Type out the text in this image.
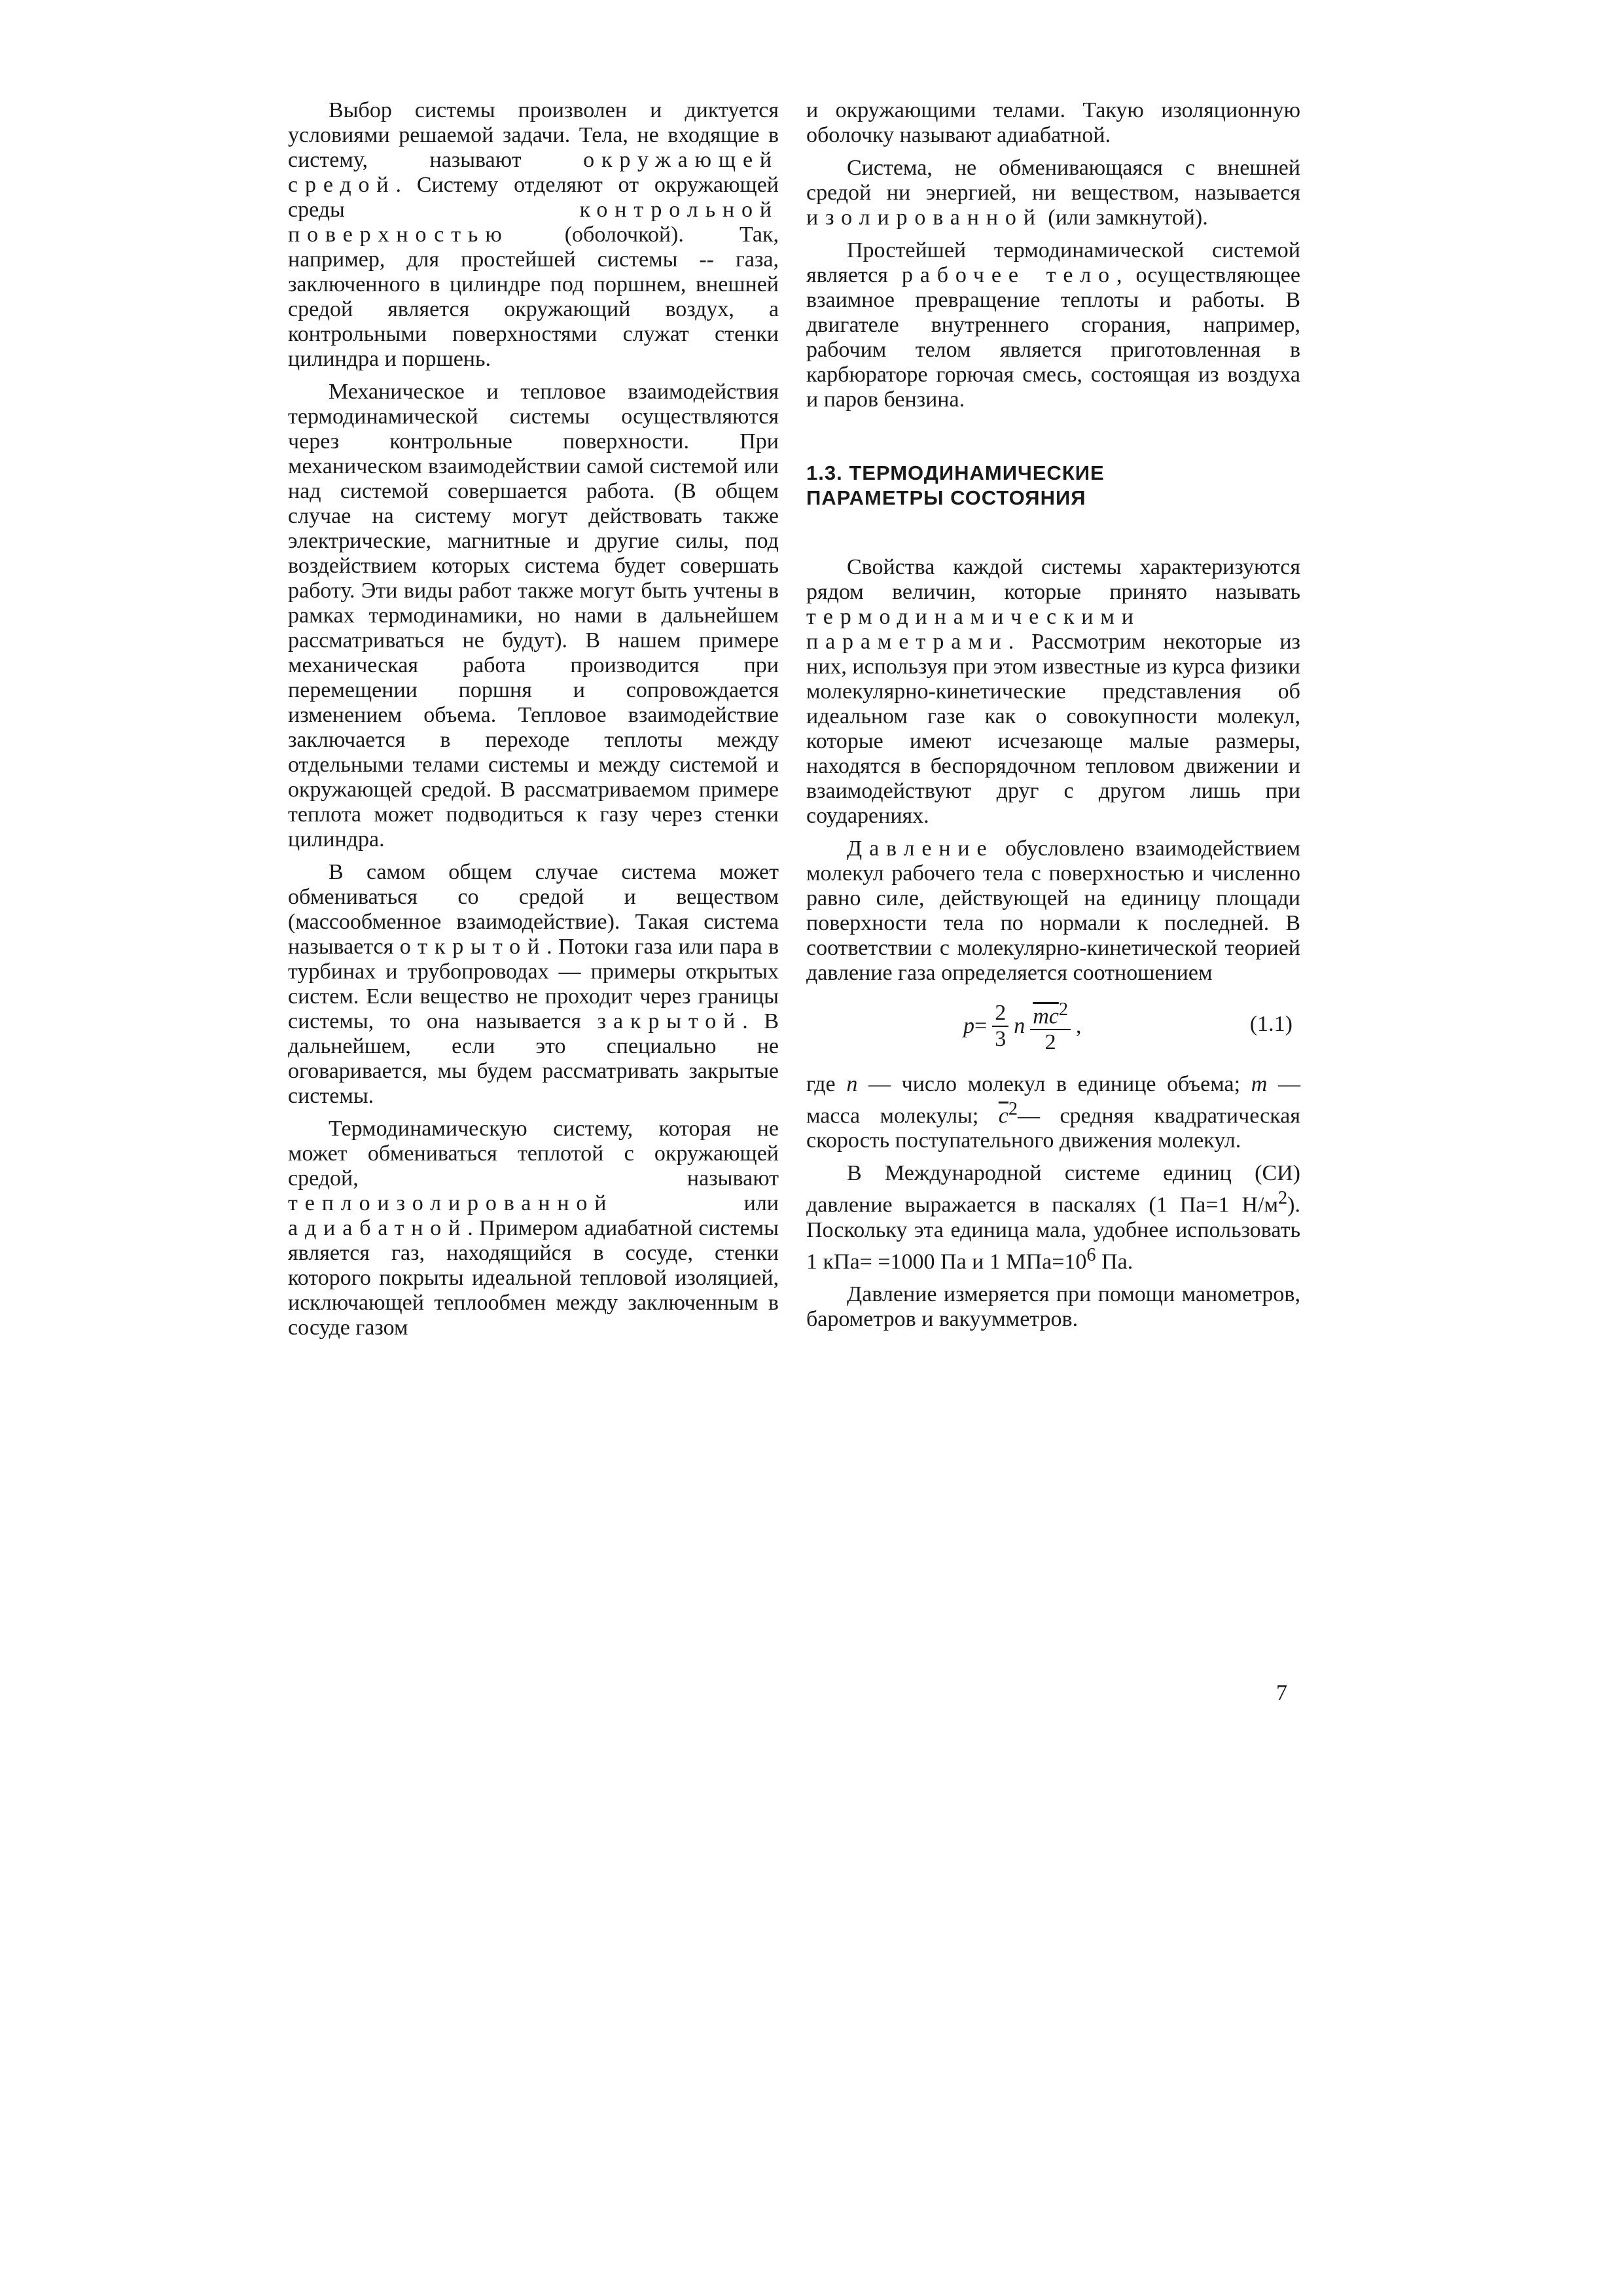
Выбор системы произволен и диктуется условиями решаемой задачи. Тела, не входящие в систему, называют окружающей средой. Систему отделяют от окружающей среды контрольной поверхностью (оболочкой). Так, например, для простейшей системы -- газа, заключенного в цилиндре под поршнем, внешней средой является окружающий воздух, а контрольными поверхностями служат стенки цилиндра и поршень.

Механическое и тепловое взаимодействия термодинамической системы осуществляются через контрольные поверхности. При механическом взаимодействии самой системой или над системой совершается работа. (В общем случае на систему могут действовать также электрические, магнитные и другие силы, под воздействием которых система будет совершать работу. Эти виды работ также могут быть учтены в рамках термодинамики, но нами в дальнейшем рассматриваться не будут). В нашем примере механическая работа производится при перемещении поршня и сопровождается изменением объема. Тепловое взаимодействие заключается в переходе теплоты между отдельными телами системы и между системой и окружающей средой. В рассматриваемом примере теплота может подводиться к газу через стенки цилиндра.

В самом общем случае система может обмениваться со средой и веществом (массообменное взаимодействие). Такая система называется открытой. Потоки газа или пара в турбинах и трубопроводах — примеры открытых систем. Если вещество не проходит через границы системы, то она называется закрытой. В дальнейшем, если это специально не оговаривается, мы будем рассматривать закрытые системы.

Термодинамическую систему, которая не может обмениваться теплотой с окружающей средой, называют теплоизолированной или адиабатной. Примером адиабатной системы является газ, находящийся в сосуде, стенки которого покрыты идеальной тепловой изоляцией, исключающей теплообмен между заключенным в сосуде газом

и окружающими телами. Такую изоляционную оболочку называют адиабатной.

Система, не обменивающаяся с внешней средой ни энергией, ни веществом, называется изолированной (или замкнутой).

Простейшей термодинамической системой является рабочее тело, осуществляющее взаимное превращение теплоты и работы. В двигателе внутреннего сгорания, например, рабочим телом является приготовленная в карбюраторе горючая смесь, состоящая из воздуха и паров бензина.

1.3. ТЕРМОДИНАМИЧЕСКИЕ
ПАРАМЕТРЫ СОСТОЯНИЯ

Свойства каждой системы характеризуются рядом величин, которые принято называть термодинамическими параметрами. Рассмотрим некоторые из них, используя при этом известные из курса физики молекулярно-кинетические представления об идеальном газе как о совокупности молекул, которые имеют исчезающе малые размеры, находятся в беспорядочном тепловом движении и взаимодействуют друг с другом лишь при соударениях.

Давление обусловлено взаимодействием молекул рабочего тела с поверхностью и численно равно силе, действующей на единицу площади поверхности тела по нормали к последней. В соответствии с молекулярно-кинетической теорией давление газа определяется соотношением

$p = \frac{2}{3}$ n $\frac{\overline{mc}^2}{2}$ ,	(1.1)

где n — число молекул в единице объема; m — масса молекулы; $\overline{c}^2—$ средняя квадратическая скорость поступательного движения молекул.

В Международной системе единиц (СИ) давление выражается в паскалях (1 Па=1 $Н/м^2$). Поскольку эта единица мала, удобнее использовать 1 кПа= =1000 Па и 1 $МПа=10^6$ Па.

Давление измеряется при помощи манометров, барометров и вакуумметров.

7
